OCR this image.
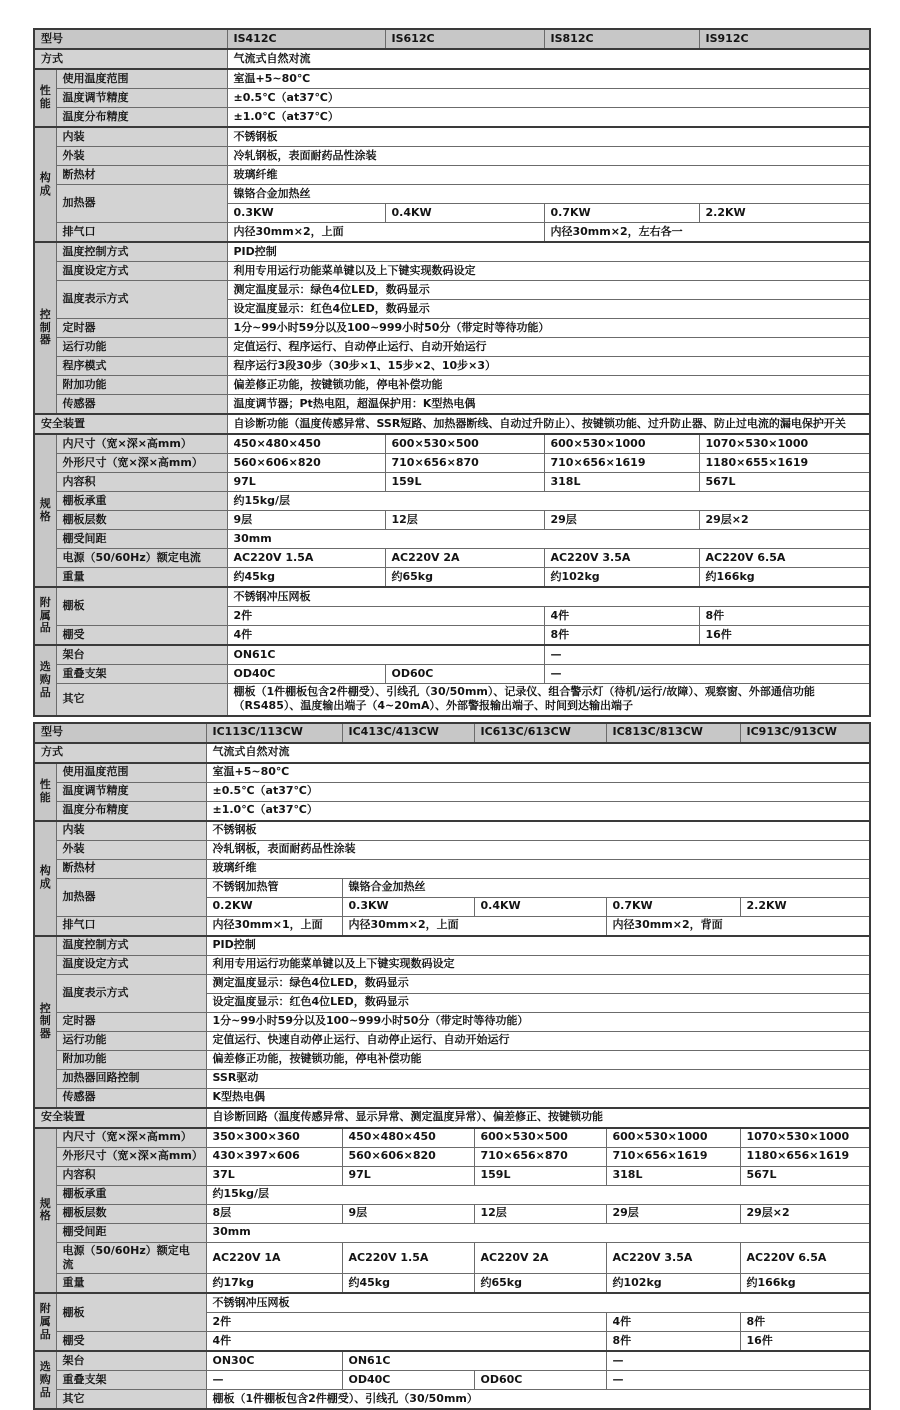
型号		IS412C	IS612C	IS812C	IS912C
方式		气流式自然对流			
性能	使用温度范围	室温+5~80℃			
	温度调节精度	±0.5℃（at37℃）			
	温度分布精度	±1.0℃（at37℃）			
构成	内装	不锈钢板			
	外装	冷轧钢板，表面耐药品性涂装			
	断热材	玻璃纤维			
	加热器	镍铬合金加热丝			
		0.3KW	0.4KW	0.7KW	2.2KW
	排气口	内径30mm×2，上面		内径30mm×2，左右各一	
控制器	温度控制方式	PID控制			
	温度设定方式	利用专用运行功能菜单键以及上下键实现数码设定			
	温度表示方式	测定温度显示：绿色4位LED，数码显示			
		设定温度显示：红色4位LED，数码显示			
	定时器	1分~99小时59分以及100~999小时50分（带定时等待功能）			
	运行功能	定值运行、程序运行、自动停止运行、自动开始运行			
	程序模式	程序运行3段30步（30步×1、15步×2、10步×3）			
	附加功能	偏差修正功能，按键锁功能，停电补偿功能			
	传感器	温度调节器；Pt热电阻，超温保护用：K型热电偶			
安全装置		自诊断功能（温度传感异常、SSR短路、加热器断线、自动过升防止）、按键锁功能、过升防止器、防止过电流的漏电保护开关			
规格	内尺寸（宽×深×高mm）	450×480×450	600×530×500	600×530×1000	1070×530×1000
	外形尺寸（宽×深×高mm）	560×606×820	710×656×870	710×656×1619	1180×655×1619
	内容积	97L	159L	318L	567L
	棚板承重	约15kg/层			
	棚板层数	9层	12层	29层	29层×2
	棚受间距	30mm			
	电源（50/60Hz）额定电流	AC220V 1.5A	AC220V 2A	AC220V 3.5A	AC220V 6.5A
	重量	约45kg	约65kg	约102kg	约166kg
附属品	棚板	不锈钢冲压网板			
		2件		4件	8件
	棚受	4件		8件	16件
选购品	架台	ON61C		—	
	重叠支架	OD40C	OD60C	—	
	其它	棚板（1件棚板包含2件棚受）、引线孔（30/50mm）、记录仪、组合警示灯（待机/运行/故障）、观察窗、外部通信功能（RS485）、温度输出端子（4~20mA）、外部警报输出端子、时间到达输出端子			
型号		IC113C/113CW	IC413C/413CW	IC613C/613CW	IC813C/813CW	IC913C/913CW
方式		气流式自然对流				
性能	使用温度范围	室温+5~80℃				
	温度调节精度	±0.5℃（at37℃）				
	温度分布精度	±1.0℃（at37℃）				
构成	内装	不锈钢板				
	外装	冷轧钢板，表面耐药品性涂装				
	断热材	玻璃纤维				
	加热器	不锈钢加热管	镍铬合金加热丝			
		0.2KW	0.3KW	0.4KW	0.7KW	2.2KW
	排气口	内径30mm×1，上面	内径30mm×2，上面		内径30mm×2，背面	
控制器	温度控制方式	PID控制				
	温度设定方式	利用专用运行功能菜单键以及上下键实现数码设定				
	温度表示方式	测定温度显示：绿色4位LED，数码显示				
		设定温度显示：红色4位LED，数码显示				
	定时器	1分~99小时59分以及100~999小时50分（带定时等待功能）				
	运行功能	定值运行、快速自动停止运行、自动停止运行、自动开始运行				
	附加功能	偏差修正功能，按键锁功能，停电补偿功能				
	加热器回路控制	SSR驱动				
	传感器	K型热电偶				
安全装置		自诊断回路（温度传感异常、显示异常、测定温度异常）、偏差修正、按键锁功能				
规格	内尺寸（宽×深×高mm）	350×300×360	450×480×450	600×530×500	600×530×1000	1070×530×1000
	外形尺寸（宽×深×高mm）	430×397×606	560×606×820	710×656×870	710×656×1619	1180×656×1619
	内容积	37L	97L	159L	318L	567L
	棚板承重	约15kg/层				
	棚板层数	8层	9层	12层	29层	29层×2
	棚受间距	30mm				
	电源（50/60Hz）额定电流	AC220V 1A	AC220V 1.5A	AC220V 2A	AC220V 3.5A	AC220V 6.5A
	重量	约17kg	约45kg	约65kg	约102kg	约166kg
附属品	棚板	不锈钢冲压网板				
		2件			4件	8件
	棚受	4件			8件	16件
选购品	架台	ON30C	ON61C		—	
	重叠支架	—	OD40C	OD60C	—	
	其它	棚板（1件棚板包含2件棚受）、引线孔（30/50mm）				
